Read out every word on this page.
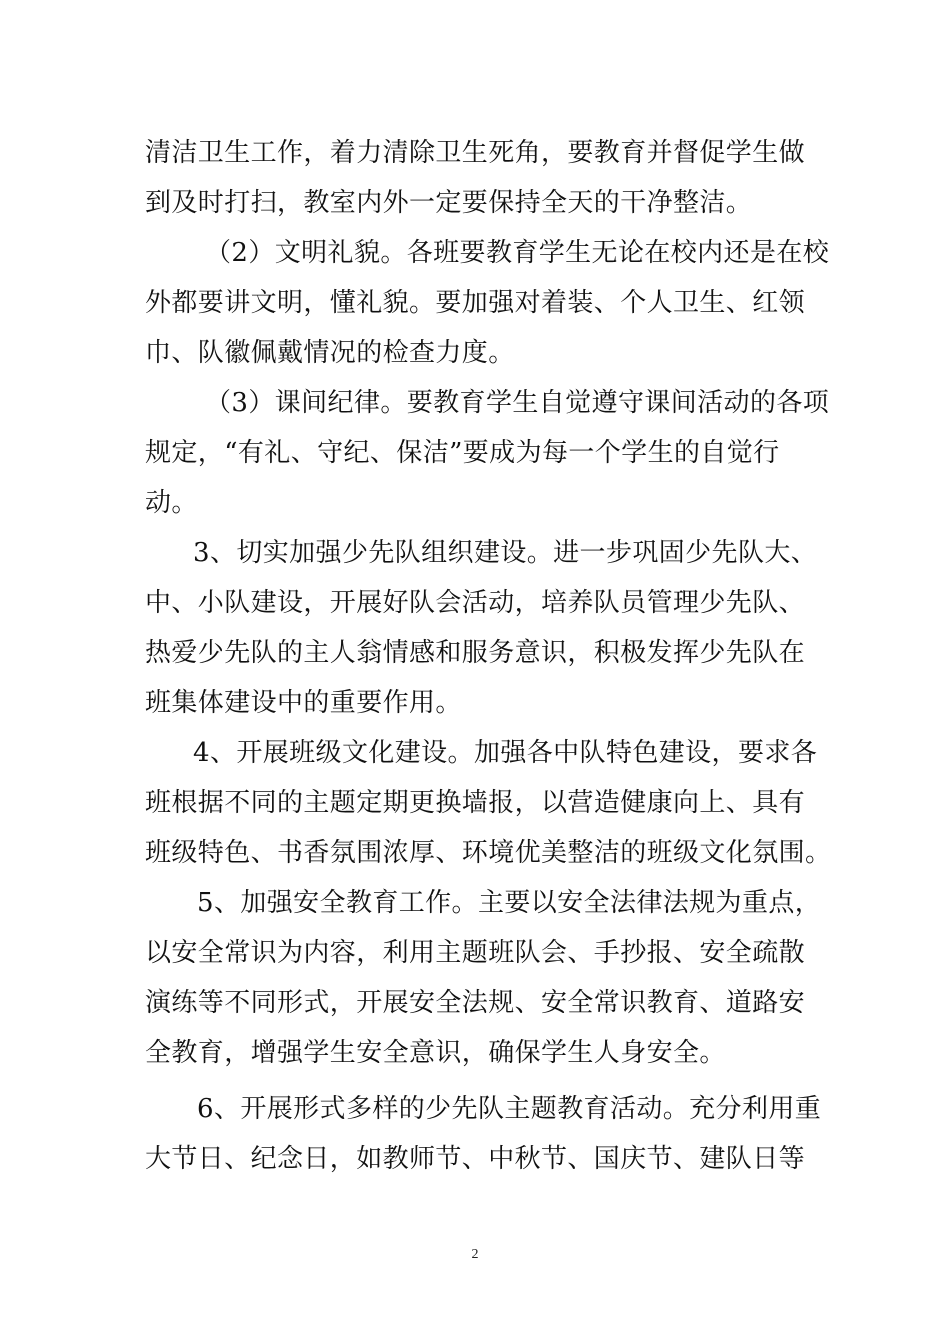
清洁卫生工作，着力清除卫生死角，要教育并督促学生做
到及时打扫，教室内外一定要保持全天的干净整洁。
（2）文明礼貌。各班要教育学生无论在校内还是在校
外都要讲文明，懂礼貌。要加强对着装、个人卫生、红领
巾、队徽佩戴情况的检查力度。
（3）课间纪律。要教育学生自觉遵守课间活动的各项
规定，“有礼、守纪、保洁”要成为每一个学生的自觉行
动。
3、切实加强少先队组织建设。进一步巩固少先队大、
中、小队建设，开展好队会活动，培养队员管理少先队、
热爱少先队的主人翁情感和服务意识，积极发挥少先队在
班集体建设中的重要作用。
4、开展班级文化建设。加强各中队特色建设，要求各
班根据不同的主题定期更换墙报，以营造健康向上、具有
班级特色、书香氛围浓厚、环境优美整洁的班级文化氛围。
5、加强安全教育工作。主要以安全法律法规为重点，
以安全常识为内容，利用主题班队会、手抄报、安全疏散
演练等不同形式，开展安全法规、安全常识教育、道路安
全教育，增强学生安全意识，确保学生人身安全。
6、开展形式多样的少先队主题教育活动。充分利用重
大节日、纪念日，如教师节、中秋节、国庆节、建队日等
2
